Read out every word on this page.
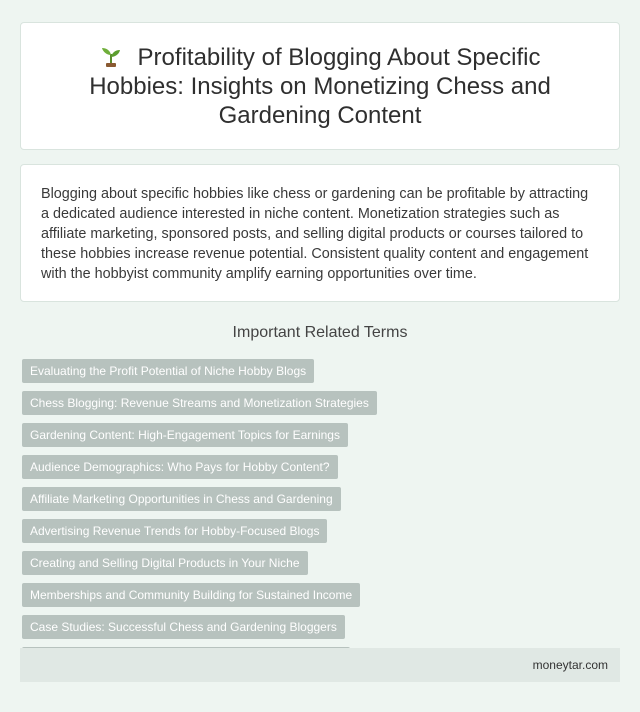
Profitability of Blogging About Specific Hobbies: Insights on Monetizing Chess and Gardening Content

Blogging about specific hobbies like chess or gardening can be profitable by attracting a dedicated audience interested in niche content. Monetization strategies such as affiliate marketing, sponsored posts, and selling digital products or courses tailored to these hobbies increase revenue potential. Consistent quality content and engagement with the hobbyist community amplify earning opportunities over time.

Important Related Terms
Evaluating the Profit Potential of Niche Hobby Blogs
Chess Blogging: Revenue Streams and Monetization Strategies
Gardening Content: High-Engagement Topics for Earnings
Audience Demographics: Who Pays for Hobby Content?
Affiliate Marketing Opportunities in Chess and Gardening
Advertising Revenue Trends for Hobby-Focused Blogs
Creating and Selling Digital Products in Your Niche
Memberships and Community Building for Sustained Income
Case Studies: Successful Chess and Gardening Bloggers
moneytar.com
